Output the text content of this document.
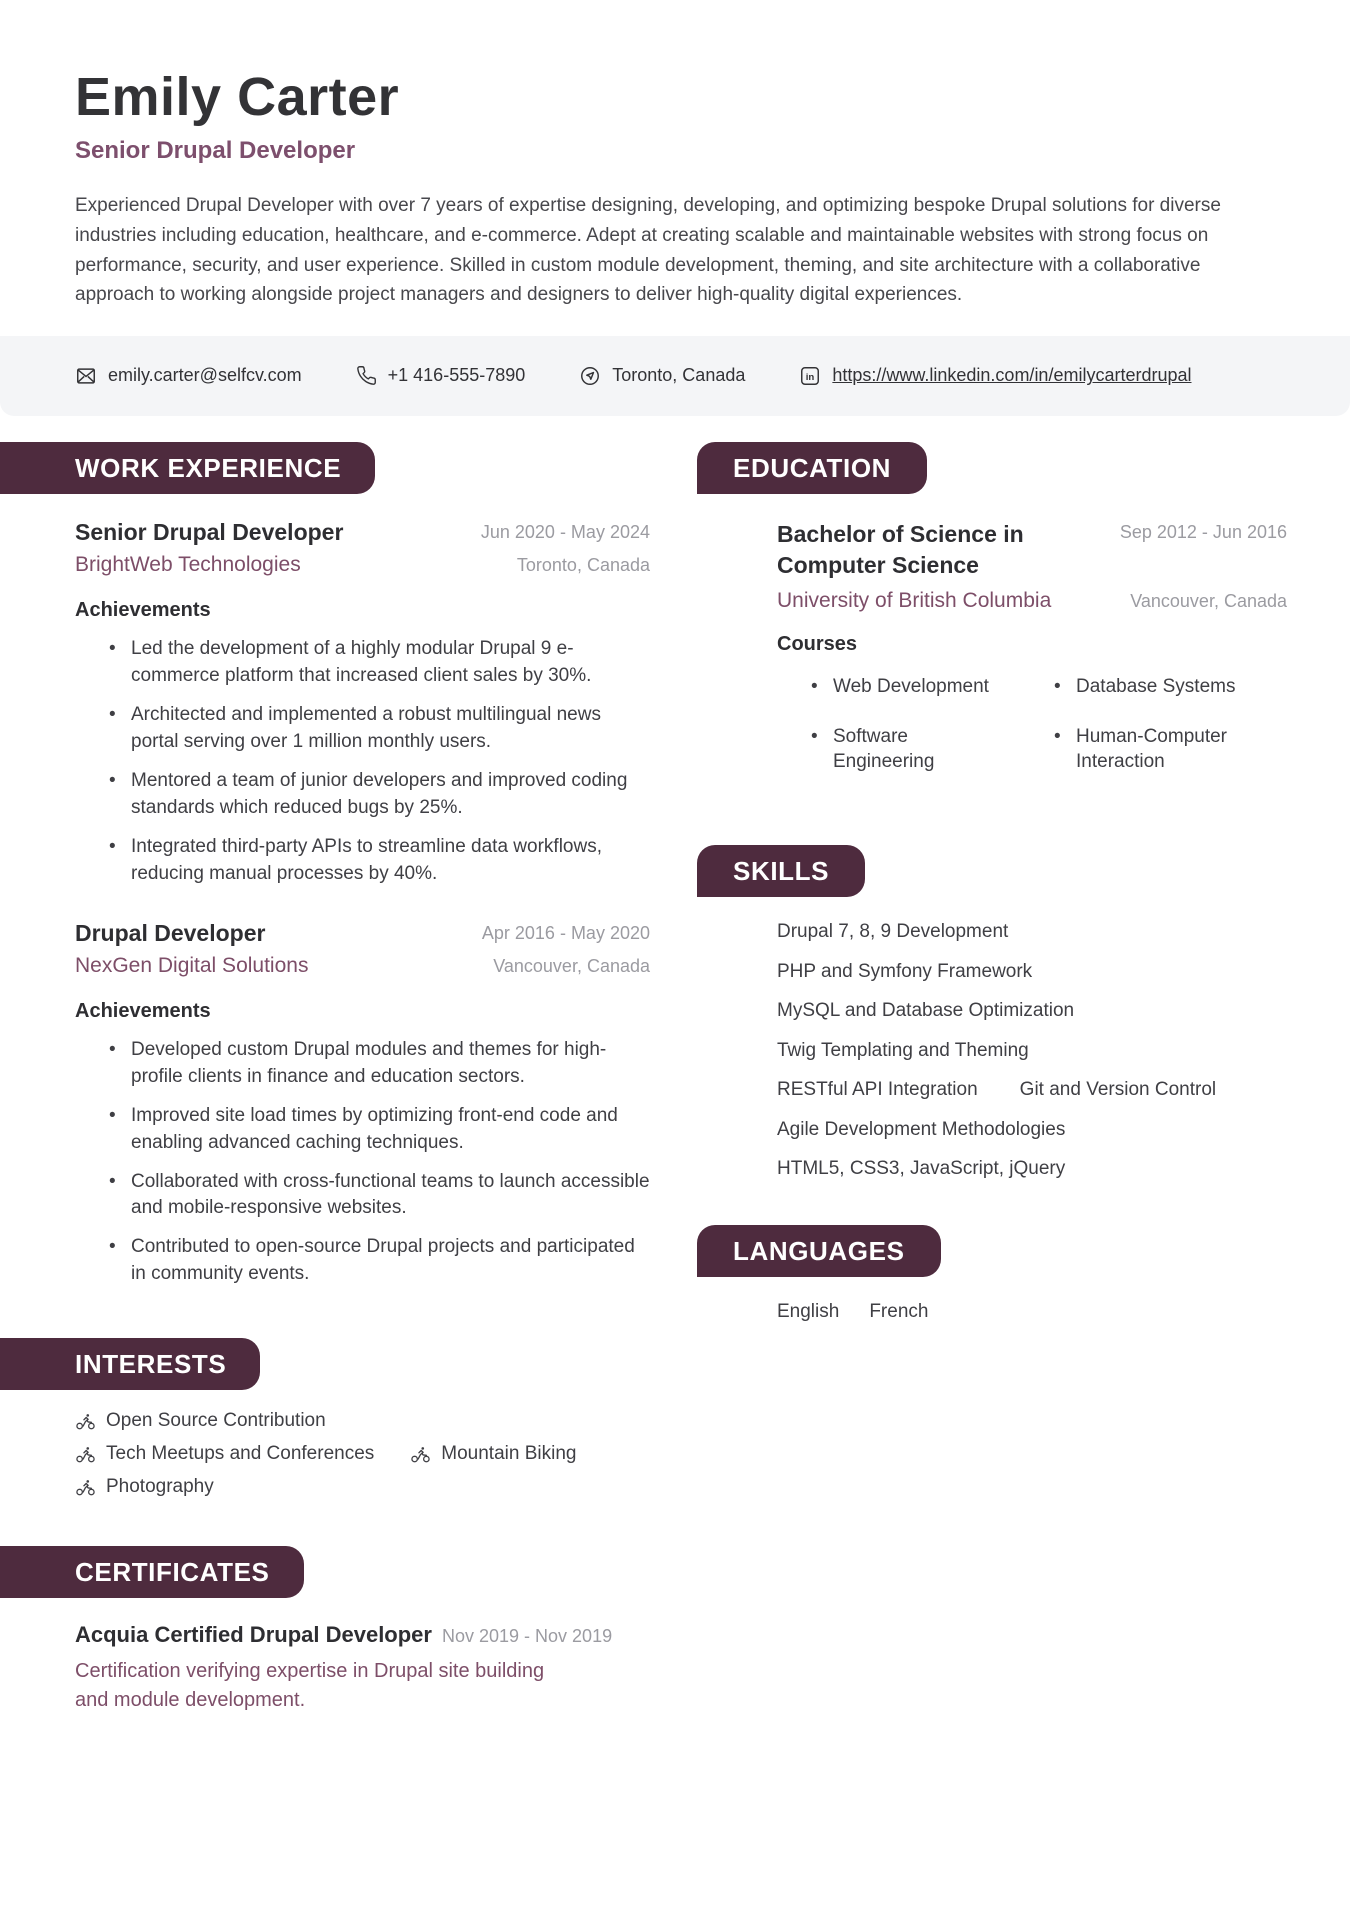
Emily Carter
Senior Drupal Developer
Experienced Drupal Developer with over 7 years of expertise designing, developing, and optimizing bespoke Drupal solutions for diverse industries including education, healthcare, and e-commerce. Adept at creating scalable and maintainable websites with strong focus on performance, security, and user experience. Skilled in custom module development, theming, and site architecture with a collaborative approach to working alongside project managers and designers to deliver high-quality digital experiences.
emily.carter@selfcv.com	+1 416-555-7890	Toronto, Canada	in https://www.linkedin.com/in/emilycarterdrupal
WORK EXPERIENCE
Senior Drupal Developer	Jun 2020 - May 2024
BrightWeb Technologies	Toronto, Canada
Achievements
• Led the development of a highly modular Drupal 9 e-commerce platform that increased client sales by 30%.
• Architected and implemented a robust multilingual news portal serving over 1 million monthly users.
• Mentored a team of junior developers and improved coding standards which reduced bugs by 25%.
• Integrated third-party APIs to streamline data workflows, reducing manual processes by 40%.
Drupal Developer	Apr 2016 - May 2020
NexGen Digital Solutions	Vancouver, Canada
Achievements
• Developed custom Drupal modules and themes for high-profile clients in finance and education sectors.
• Improved site load times by optimizing front-end code and enabling advanced caching techniques.
• Collaborated with cross-functional teams to launch accessible and mobile-responsive websites.
• Contributed to open-source Drupal projects and participated in community events.
INTERESTS
Open Source Contribution
Tech Meetups and Conferences	Mountain Biking
Photography
CERTIFICATES
Acquia Certified Drupal Developer Nov 2019 - Nov 2019
Certification verifying expertise in Drupal site building and module development.
EDUCATION
Bachelor of Science in Computer Science
Sep 2012 - Jun 2016
University of British Columbia	Vancouver, Canada
Courses
• Web Development	• Database Systems
• Software Engineering
• Human-Computer Interaction
SKILLS
Drupal 7, 8, 9 Development
PHP and Symfony Framework
MySQL and Database Optimization
Twig Templating and Theming
RESTful API Integration Git and Version Control
Agile Development Methodologies
HTML5, CSS3, JavaScript, jQuery
LANGUAGES
English French
